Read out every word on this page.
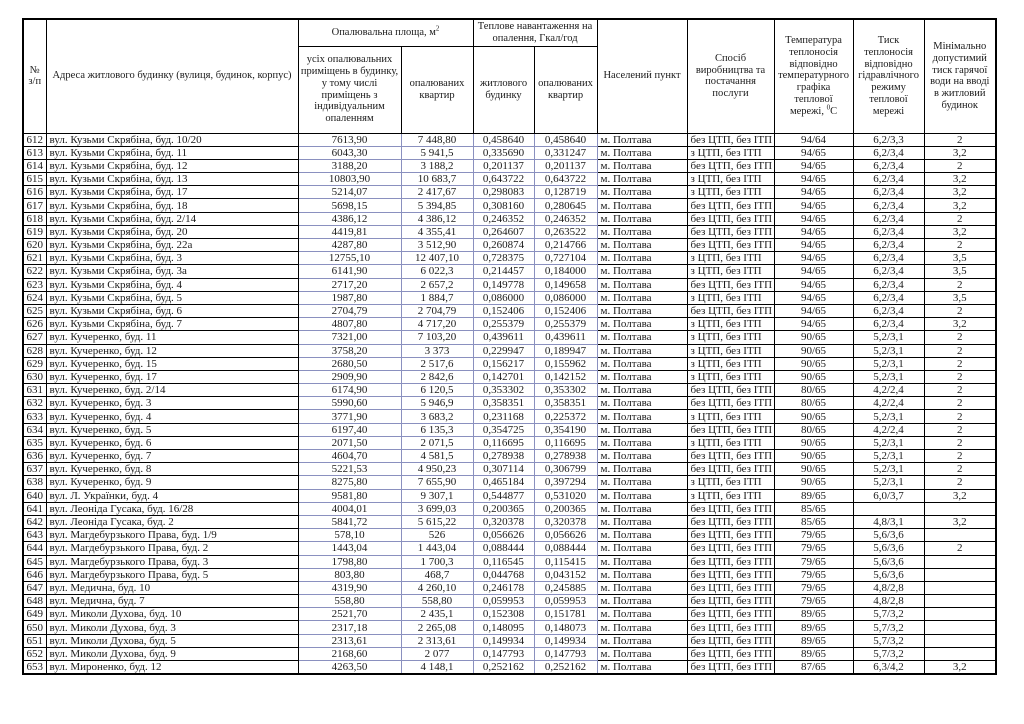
№ з/п	Адреса житлового будинку (вулиця, будинок, корпус)	Опалювальна площа, $м^2$		Теплове навантаження на опалення, Гкал/год		Населений пункт	Спосіб виробництва та постачання послуги	Температура теплоносія відповідно температурного графіка теплової мережі, $^0$С	Тиск теплоносія відповідно гідравлічного режиму теплової мережі	Мінімально допустимий тиск гарячої води на вводі в житловий будинок
		усіх опалювальних приміщень в будинку, у тому числі приміщень з індивідуальним опаленням	опалюваних квартир	житлового будинку	опалюваних квартир					
612	вул. Кузьми Скрябіна, буд. 10/20	7613,90	7 448,80	0,458640	0,458640	м. Полтава	без ЦТП, без ІТП	94/64	6,2/3,3	2
613	вул. Кузьми Скрябіна, буд. 11	6043,30	5 941,5	0,335690	0,331247	м. Полтава	з ЦТП, без ІТП	94/65	6,2/3,4	3,2
614	вул. Кузьми Скрябіна, буд. 12	3188,20	3 188,2	0,201137	0,201137	м. Полтава	без ЦТП, без ІТП	94/65	6,2/3,4	2
615	вул. Кузьми Скрябіна, буд. 13	10803,90	10 683,7	0,643722	0,643722	м. Полтава	з ЦТП, без ІТП	94/65	6,2/3,4	3,2
616	вул. Кузьми Скрябіна, буд. 17	5214,07	2 417,67	0,298083	0,128719	м. Полтава	з ЦТП, без ІТП	94/65	6,2/3,4	3,2
617	вул. Кузьми Скрябіна, буд. 18	5698,15	5 394,85	0,308160	0,280645	м. Полтава	без ЦТП, без ІТП	94/65	6,2/3,4	3,2
618	вул. Кузьми Скрябіна, буд. 2/14	4386,12	4 386,12	0,246352	0,246352	м. Полтава	без ЦТП, без ІТП	94/65	6,2/3,4	2
619	вул. Кузьми Скрябіна, буд. 20	4419,81	4 355,41	0,264607	0,263522	м. Полтава	без ЦТП, без ІТП	94/65	6,2/3,4	3,2
620	вул. Кузьми Скрябіна, буд. 22а	4287,80	3 512,90	0,260874	0,214766	м. Полтава	без ЦТП, без ІТП	94/65	6,2/3,4	2
621	вул. Кузьми Скрябіна, буд. 3	12755,10	12 407,10	0,728375	0,727104	м. Полтава	з ЦТП, без ІТП	94/65	6,2/3,4	3,5
622	вул. Кузьми Скрябіна, буд. 3а	6141,90	6 022,3	0,214457	0,184000	м. Полтава	з ЦТП, без ІТП	94/65	6,2/3,4	3,5
623	вул. Кузьми Скрябіна, буд. 4	2717,20	2 657,2	0,149778	0,149658	м. Полтава	без ЦТП, без ІТП	94/65	6,2/3,4	2
624	вул. Кузьми Скрябіна, буд. 5	1987,80	1 884,7	0,086000	0,086000	м. Полтава	з ЦТП, без ІТП	94/65	6,2/3,4	3,5
625	вул. Кузьми Скрябіна, буд. 6	2704,79	2 704,79	0,152406	0,152406	м. Полтава	без ЦТП, без ІТП	94/65	6,2/3,4	2
626	вул. Кузьми Скрябіна, буд. 7	4807,80	4 717,20	0,255379	0,255379	м. Полтава	з ЦТП, без ІТП	94/65	6,2/3,4	3,2
627	вул. Кучеренко, буд. 11	7321,00	7 103,20	0,439611	0,439611	м. Полтава	з ЦТП, без ІТП	90/65	5,2/3,1	2
628	вул. Кучеренко, буд. 12	3758,20	3 373	0,229947	0,189947	м. Полтава	з ЦТП, без ІТП	90/65	5,2/3,1	2
629	вул. Кучеренко, буд. 15	2680,50	2 517,6	0,156217	0,155962	м. Полтава	з ЦТП, без ІТП	90/65	5,2/3,1	2
630	вул. Кучеренко, буд. 17	2909,90	2 842,6	0,142701	0,142152	м. Полтава	з ЦТП, без ІТП	90/65	5,2/3,1	2
631	вул. Кучеренко, буд. 2/14	6174,90	6 120,5	0,353302	0,353302	м. Полтава	без ЦТП, без ІТП	80/65	4,2/2,4	2
632	вул. Кучеренко, буд. 3	5990,60	5 946,9	0,358351	0,358351	м. Полтава	без ЦТП, без ІТП	80/65	4,2/2,4	2
633	вул. Кучеренко, буд. 4	3771,90	3 683,2	0,231168	0,225372	м. Полтава	з ЦТП, без ІТП	90/65	5,2/3,1	2
634	вул. Кучеренко, буд. 5	6197,40	6 135,3	0,354725	0,354190	м. Полтава	без ЦТП, без ІТП	80/65	4,2/2,4	2
635	вул. Кучеренко, буд. 6	2071,50	2 071,5	0,116695	0,116695	м. Полтава	з ЦТП, без ІТП	90/65	5,2/3,1	2
636	вул. Кучеренко, буд. 7	4604,70	4 581,5	0,278938	0,278938	м. Полтава	без ЦТП, без ІТП	90/65	5,2/3,1	2
637	вул. Кучеренко, буд. 8	5221,53	4 950,23	0,307114	0,306799	м. Полтава	без ЦТП, без ІТП	90/65	5,2/3,1	2
638	вул. Кучеренко, буд. 9	8275,80	7 655,90	0,465184	0,397294	м. Полтава	з ЦТП, без ІТП	90/65	5,2/3,1	2
640	вул. Л. Українки, буд. 4	9581,80	9 307,1	0,544877	0,531020	м. Полтава	з ЦТП, без ІТП	89/65	6,0/3,7	3,2
641	вул. Леоніда Гусака, буд. 16/28	4004,01	3 699,03	0,200365	0,200365	м. Полтава	без ЦТП, без ІТП	85/65		
642	вул. Леоніда Гусака, буд. 2	5841,72	5 615,22	0,320378	0,320378	м. Полтава	без ЦТП, без ІТП	85/65	4,8/3,1	3,2
643	вул. Магдебурзького Права, буд. 1/9	578,10	526	0,056626	0,056626	м. Полтава	без ЦТП, без ІТП	79/65	5,6/3,6	
644	вул. Магдебурзького Права, буд. 2	1443,04	1 443,04	0,088444	0,088444	м. Полтава	без ЦТП, без ІТП	79/65	5,6/3,6	2
645	вул. Магдебурзького Права, буд. 3	1798,80	1 700,3	0,116545	0,115415	м. Полтава	без ЦТП, без ІТП	79/65	5,6/3,6	
646	вул. Магдебурзького Права, буд. 5	803,80	468,7	0,044768	0,043152	м. Полтава	без ЦТП, без ІТП	79/65	5,6/3,6	
647	вул. Медична, буд. 10	4319,90	4 260,10	0,246178	0,245885	м. Полтава	без ЦТП, без ІТП	79/65	4,8/2,8	
648	вул. Медична, буд. 7	558,80	558,80	0,059953	0,059953	м. Полтава	без ЦТП, без ІТП	79/65	4,8/2,8	
649	вул. Миколи Духова, буд. 10	2521,70	2 435,1	0,152308	0,151781	м. Полтава	без ЦТП, без ІТП	89/65	5,7/3,2	
650	вул. Миколи Духова, буд. 3	2317,18	2 265,08	0,148095	0,148073	м. Полтава	без ЦТП, без ІТП	89/65	5,7/3,2	
651	вул. Миколи Духова, буд. 5	2313,61	2 313,61	0,149934	0,149934	м. Полтава	без ЦТП, без ІТП	89/65	5,7/3,2	
652	вул. Миколи Духова, буд. 9	2168,60	2 077	0,147793	0,147793	м. Полтава	без ЦТП, без ІТП	89/65	5,7/3,2	
653	вул. Мироненко, буд. 12	4263,50	4 148,1	0,252162	0,252162	м. Полтава	без ЦТП, без ІТП	87/65	6,3/4,2	3,2
